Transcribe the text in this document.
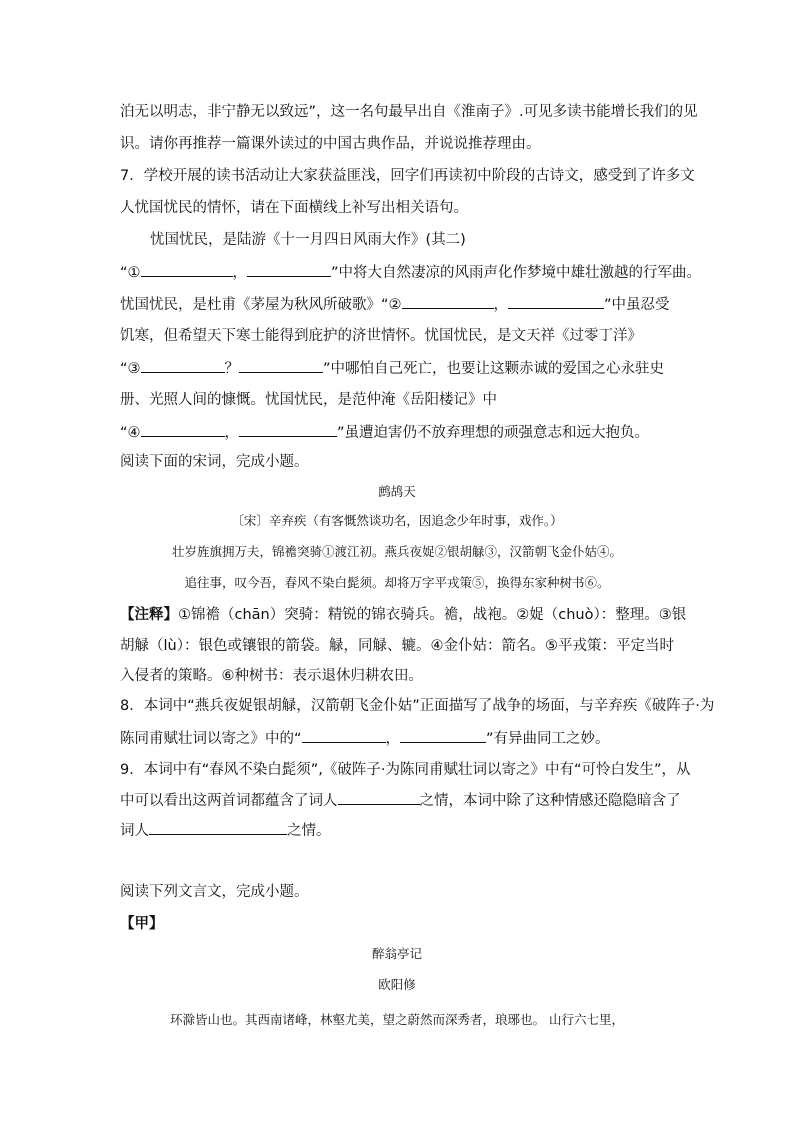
泊无以明志，非宁静无以致远”，这一名句最早出自《淮南子》.可见多读书能增长我们的见
识。请你再推荐一篇课外读过的中国古典作品，并说说推荐理由。
7．学校开展的读书活动让大家获益匪浅，回字们再读初中阶段的古诗文，感受到了许多文
人忧国忧民的情怀，请在下面横线上补写出相关语句。
忧国忧民，是陆游《十一月四日风雨大作》(其二)
“①	，	”中将大自然凄凉的风雨声化作梦境中雄壮激越的行军曲。
忧国忧民，是杜甫《茅屋为秋风所破歌》“②	，	”中虽忍受
饥寒，但希望天下寒士能得到庇护的济世情怀。忧国忧民，是文天祥《过零丁洋》
“③	？	”中哪怕自己死亡，也要让这颗赤诚的爱国之心永驻史
册、光照人间的慷慨。忧国忧民，是范仲淹《岳阳楼记》中
“④	，	”虽遭迫害仍不放弃理想的顽强意志和远大抱负。
阅读下面的宋词，完成小题。
鹧鸪天
〔宋〕辛弃疾（有客慨然谈功名，因追念少年时事，戏作。）
壮岁旌旗拥万夫，锦襜突骑①渡江初。燕兵夜娖②银胡觮③，汉箭朝飞金仆姑④。
追往事，叹今吾，春风不染白髭须。却将万字平戎策⑤，换得东家种树书⑥。
【注释】①锦襜（chān）突骑：精锐的锦衣骑兵。襜，战袍。②娖（chuò）：整理。③银
胡觮（lù）：银色或镶银的箭袋。觮，同觮、辘。④金仆姑：箭名。⑤平戎策：平定当时
入侵者的策略。⑥种树书：表示退休归耕农田。
8．本词中“燕兵夜娖银胡觮，汉箭朝飞金仆姑”正面描写了战争的场面，与辛弃疾《破阵子·为
陈同甫赋壮词以寄之》中的“	，	”有异曲同工之妙。
9．本词中有“春风不染白髭须”,《破阵子·为陈同甫赋壮词以寄之》中有“可怜白发生”，从
中可以看出这两首词都蕴含了词人	之情，本词中除了这种情感还隐隐暗含了
词人	之情。
阅读下列文言文，完成小题。
【甲】
醉翁亭记
欧阳修
环滁皆山也。其西南诸峰，林壑尤美，望之蔚然而深秀者，琅琊也。 山行六七里，
